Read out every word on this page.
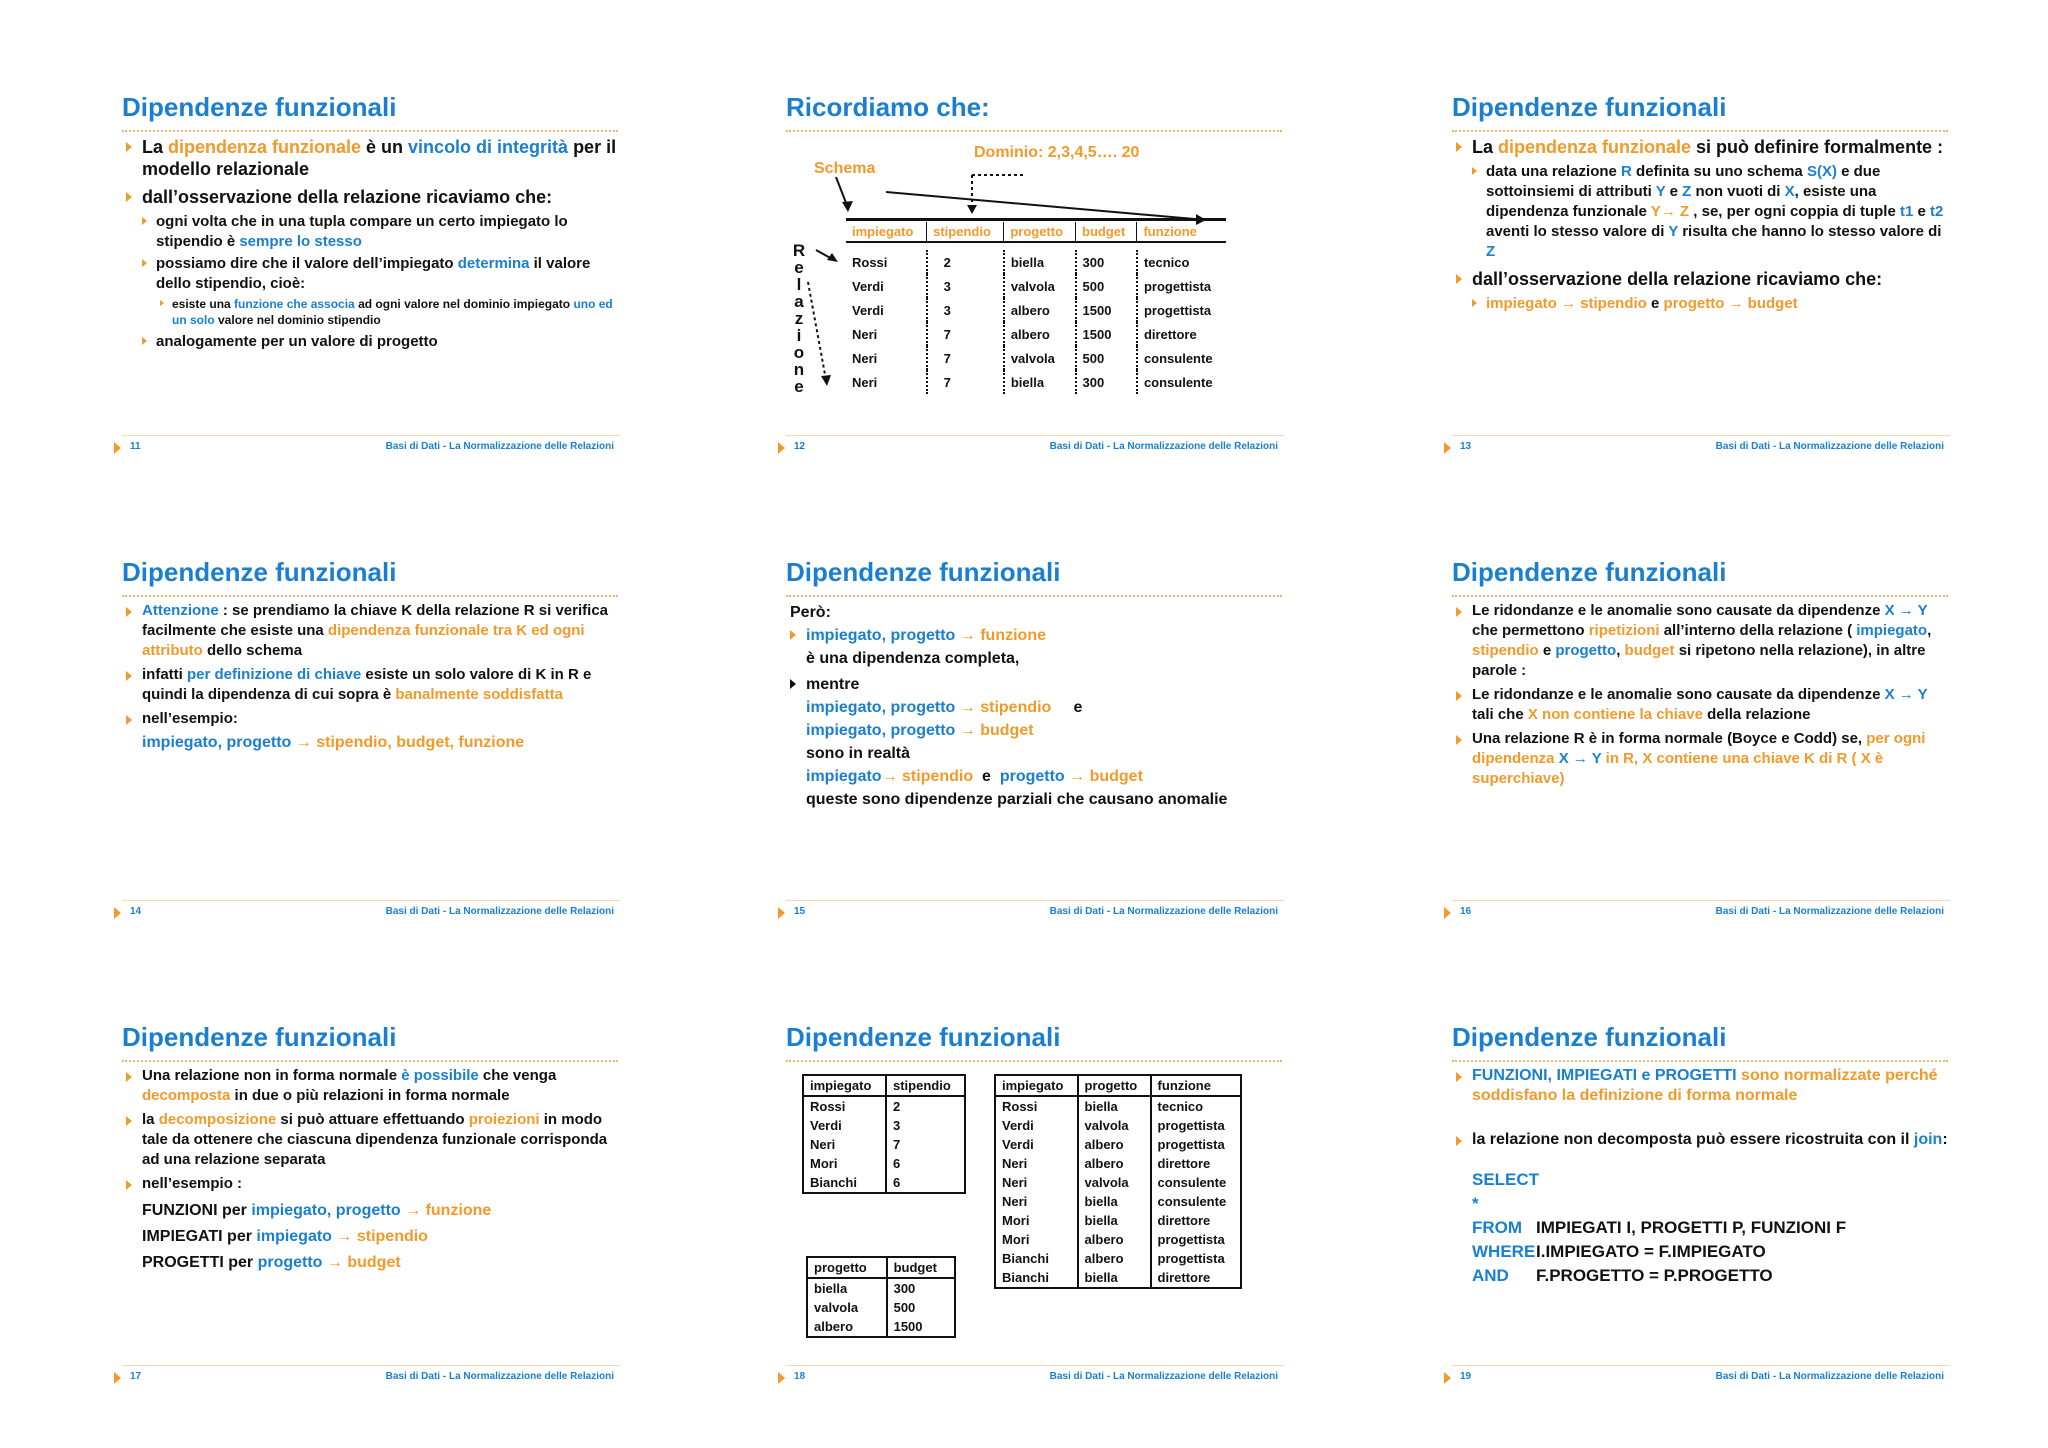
Dipendenze funzionali
La dipendenza funzionale è un vincolo di integrità per il modello relazionale
dall’osservazione della relazione ricaviamo che:
ogni volta che in una tupla compare un certo impiegato lo stipendio è sempre lo stesso
possiamo dire che il valore dell’impiegato determina il valore dello stipendio, cioè:
esiste una funzione che associa ad ogni valore nel dominio impiegato uno ed un solo valore nel dominio stipendio
analogamente per un valore di progetto
11	Basi di Dati - La Normalizzazione delle Relazioni
Ricordiamo che:
Schema
Dominio: 2,3,4,5…. 20
R
e
l
a
z
i
o
n
e
impiegato	stipendio	progetto	budget	funzione

Rossi	2	biella	300	tecnico
Verdi	3	valvola	500	progettista
Verdi	3	albero	1500	progettista
Neri	7	albero	1500	direttore
Neri	7	valvola	500	consulente
Neri	7	biella	300	consulente
12	Basi di Dati - La Normalizzazione delle Relazioni
Dipendenze funzionali
La dipendenza funzionale si può definire formalmente :
data una relazione R definita su uno schema S(X) e due sottoinsiemi di attributi Y e Z non vuoti di X, esiste una dipendenza funzionale Y→ Z , se, per ogni coppia di tuple t1 e t2 aventi lo stesso valore di Y risulta che hanno lo stesso valore di Z
dall’osservazione della relazione ricaviamo che:
impiegato → stipendio e progetto → budget
13	Basi di Dati - La Normalizzazione delle Relazioni
Dipendenze funzionali
Attenzione : se prendiamo la chiave K della relazione R si verifica facilmente che esiste una dipendenza funzionale tra K ed ogni attributo dello schema
infatti per definizione di chiave esiste un solo valore di K in R e quindi la dipendenza di cui sopra è banalmente soddisfatta
nell’esempio:
impiegato, progetto → stipendio, budget, funzione
14	Basi di Dati - La Normalizzazione delle Relazioni
Dipendenze funzionali
Però:
impiegato, progetto → funzione
è una dipendenza completa,
mentre
impiegato, progetto → stipendio     e
impiegato, progetto → budget
sono in realtà
impiegato→ stipendio  e  progetto → budget
queste sono dipendenze parziali che causano anomalie
15	Basi di Dati - La Normalizzazione delle Relazioni
Dipendenze funzionali
Le ridondanze e le anomalie sono causate da dipendenze X → Y che permettono ripetizioni all’interno della relazione ( impiegato, stipendio e progetto, budget si ripetono nella relazione), in altre parole :
Le ridondanze e le anomalie sono causate da dipendenze X → Y tali che X non contiene la chiave della relazione
Una relazione R è in forma normale (Boyce e Codd) se, per ogni dipendenza X → Y in R, X contiene una chiave K di R ( X è superchiave)
16	Basi di Dati - La Normalizzazione delle Relazioni
Dipendenze funzionali
Una relazione non in forma normale è possibile che venga decomposta in due o più relazioni in forma normale
la decomposizione si può attuare effettuando proiezioni in modo tale da ottenere che ciascuna dipendenza funzionale corrisponda ad una relazione separata
nell’esempio :
FUNZIONI per impiegato, progetto → funzione
IMPIEGATI per impiegato → stipendio
PROGETTI per progetto → budget
17	Basi di Dati - La Normalizzazione delle Relazioni
Dipendenze funzionali
impiegato	stipendio
Rossi	2
Verdi	3
Neri	7
Mori	6
Bianchi	6
progetto	budget
biella	300
valvola	500
albero	1500
impiegato	progetto	funzione
Rossi	biella	tecnico
Verdi	valvola	progettista
Verdi	albero	progettista
Neri	albero	direttore
Neri	valvola	consulente
Neri	biella	consulente
Mori	biella	direttore
Mori	albero	progettista
Bianchi	albero	progettista
Bianchi	biella	direttore
18	Basi di Dati - La Normalizzazione delle Relazioni
Dipendenze funzionali
FUNZIONI, IMPIEGATI e PROGETTI sono normalizzate perché soddisfano la definizione di forma normale
la relazione non decomposta può essere ricostruita con il join:
SELECT *
FROM IMPIEGATI I, PROGETTI P, FUNZIONI F
WHEREI.IMPIEGATO = F.IMPIEGATO
AND F.PROGETTO = P.PROGETTO
19	Basi di Dati - La Normalizzazione delle Relazioni
